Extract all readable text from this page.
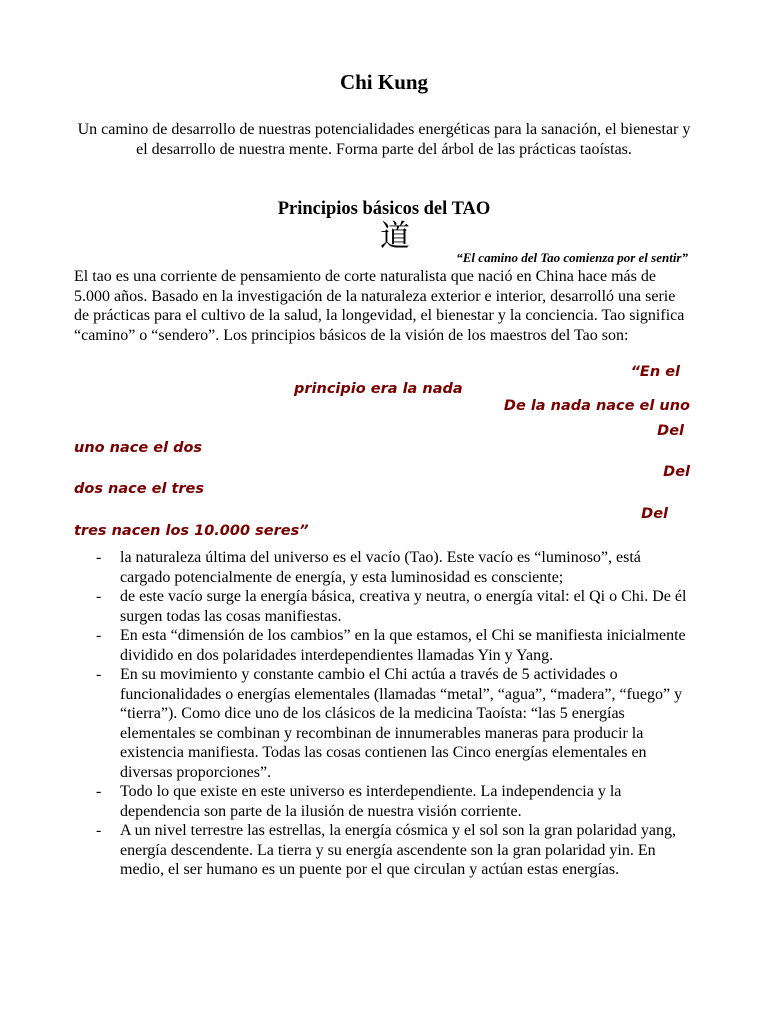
Chi Kung
Un camino de desarrollo de nuestras potencialidades energéticas para la sanación, el bienestar y el desarrollo de nuestra mente. Forma parte del árbol de las prácticas taoístas.
Principios básicos del TAO
道
“El camino del Tao comienza por el sentir”
El tao es una corriente de pensamiento de corte naturalista que nació en China hace más de 5.000 años. Basado en la investigación de la naturaleza exterior e interior, desarrolló una serie de prácticas para el cultivo de la salud, la longevidad, el bienestar y la conciencia. Tao significa “camino” o “sendero”. Los principios básicos de la visión de los maestros del Tao son:
“En el
principio era la nada
De la nada nace el uno
Del
uno nace el dos
Del
dos nace el tres
Del
tres nacen los 10.000 seres”
- la naturaleza última del universo es el vacío (Tao). Este vacío es “luminoso”, está cargado potencialmente de energía, y esta luminosidad es consciente;
- de este vacío surge la energía básica, creativa y neutra, o energía vital: el Qi o Chi. De él surgen todas las cosas manifiestas.
- En esta “dimensión de los cambios” en la que estamos, el Chi se manifiesta inicialmente dividido en dos polaridades interdependientes llamadas Yin y Yang.
- En su movimiento y constante cambio el Chi actúa a través de 5 actividades o funcionalidades o energías elementales (llamadas “metal”, “agua”, “madera”, “fuego” y “tierra”). Como dice uno de los clásicos de la medicina Taoísta: “las 5 energías elementales se combinan y recombinan de innumerables maneras para producir la existencia manifiesta. Todas las cosas contienen las Cinco energías elementales en diversas proporciones”.
- Todo lo que existe en este universo es interdependiente. La independencia y la dependencia son parte de la ilusión de nuestra visión corriente.
- A un nivel terrestre las estrellas, la energía cósmica y el sol son la gran polaridad yang, energía descendente. La tierra y su energía ascendente son la gran polaridad yin. En medio, el ser humano es un puente por el que circulan y actúan estas energías.
